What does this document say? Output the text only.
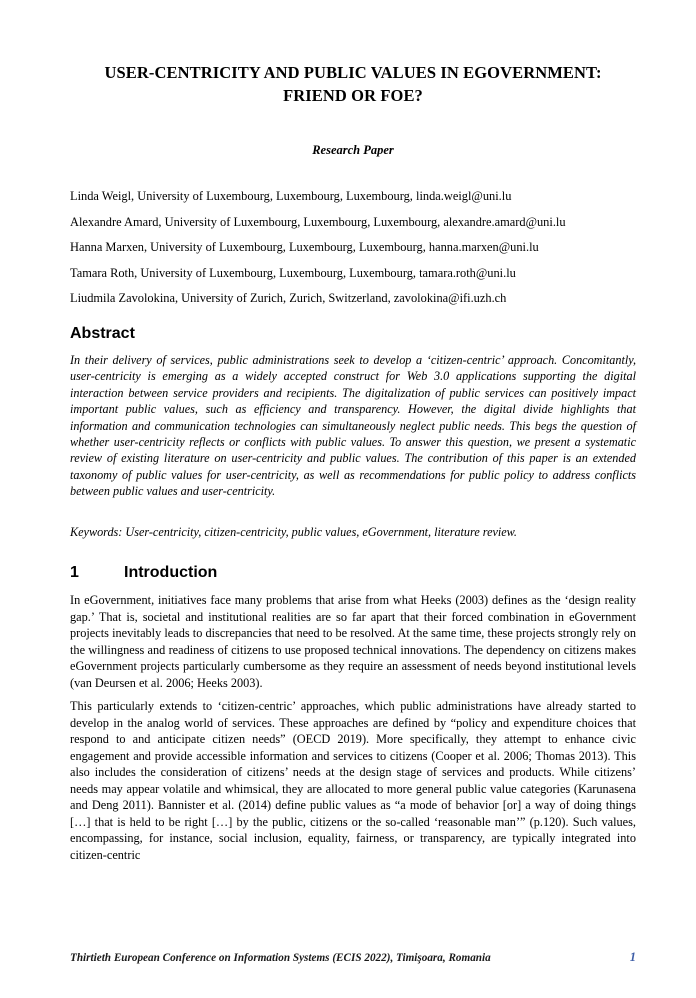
USER-CENTRICITY AND PUBLIC VALUES IN EGOVERNMENT: FRIEND OR FOE?
Research Paper
Linda Weigl, University of Luxembourg, Luxembourg, Luxembourg, linda.weigl@uni.lu
Alexandre Amard, University of Luxembourg, Luxembourg, Luxembourg, alexandre.amard@uni.lu
Hanna Marxen, University of Luxembourg, Luxembourg, Luxembourg, hanna.marxen@uni.lu
Tamara Roth, University of Luxembourg, Luxembourg, Luxembourg, tamara.roth@uni.lu
Liudmila Zavolokina, University of Zurich, Zurich, Switzerland, zavolokina@ifi.uzh.ch
Abstract

In their delivery of services, public administrations seek to develop a ‘citizen-centric’ approach. Concomitantly, user-centricity is emerging as a widely accepted construct for Web 3.0 applications supporting the digital interaction between service providers and recipients. The digitalization of public services can positively impact important public values, such as efficiency and transparency. However, the digital divide highlights that information and communication technologies can simultaneously neglect public needs. This begs the question of whether user-centricity reflects or conflicts with public values. To answer this question, we present a systematic review of existing literature on user-centricity and public values. The contribution of this paper is an extended taxonomy of public values for user-centricity, as well as recommendations for public policy to address conflicts between public values and user-centricity.

Keywords: User-centricity, citizen-centricity, public values, eGovernment, literature review.
1	Introduction

In eGovernment, initiatives face many problems that arise from what Heeks (2003) defines as the ‘design reality gap.’ That is, societal and institutional realities are so far apart that their forced combination in eGovernment projects inevitably leads to discrepancies that need to be resolved. At the same time, these projects strongly rely on the willingness and readiness of citizens to use proposed technical innovations. The dependency on citizens makes eGovernment projects particularly cumbersome as they require an assessment of needs beyond institutional levels (van Deursen et al. 2006; Heeks 2003).

This particularly extends to ‘citizen-centric’ approaches, which public administrations have already started to develop in the analog world of services. These approaches are defined by “policy and expenditure choices that respond to and anticipate citizen needs” (OECD 2019). More specifically, they attempt to enhance civic engagement and provide accessible information and services to citizens (Cooper et al. 2006; Thomas 2013). This also includes the consideration of citizens’ needs at the design stage of services and products. While citizens’ needs may appear volatile and whimsical, they are allocated to more general public value categories (Karunasena and Deng 2011). Bannister et al. (2014) define public values as “a mode of behavior [or] a way of doing things […] that is held to be right […] by the public, citizens or the so-called ‘reasonable man’” (p.120). Such values, encompassing, for instance, social inclusion, equality, fairness, or transparency, are typically integrated into citizen-centric

Thirtieth European Conference on Information Systems (ECIS 2022), Timişoara, Romania	1
